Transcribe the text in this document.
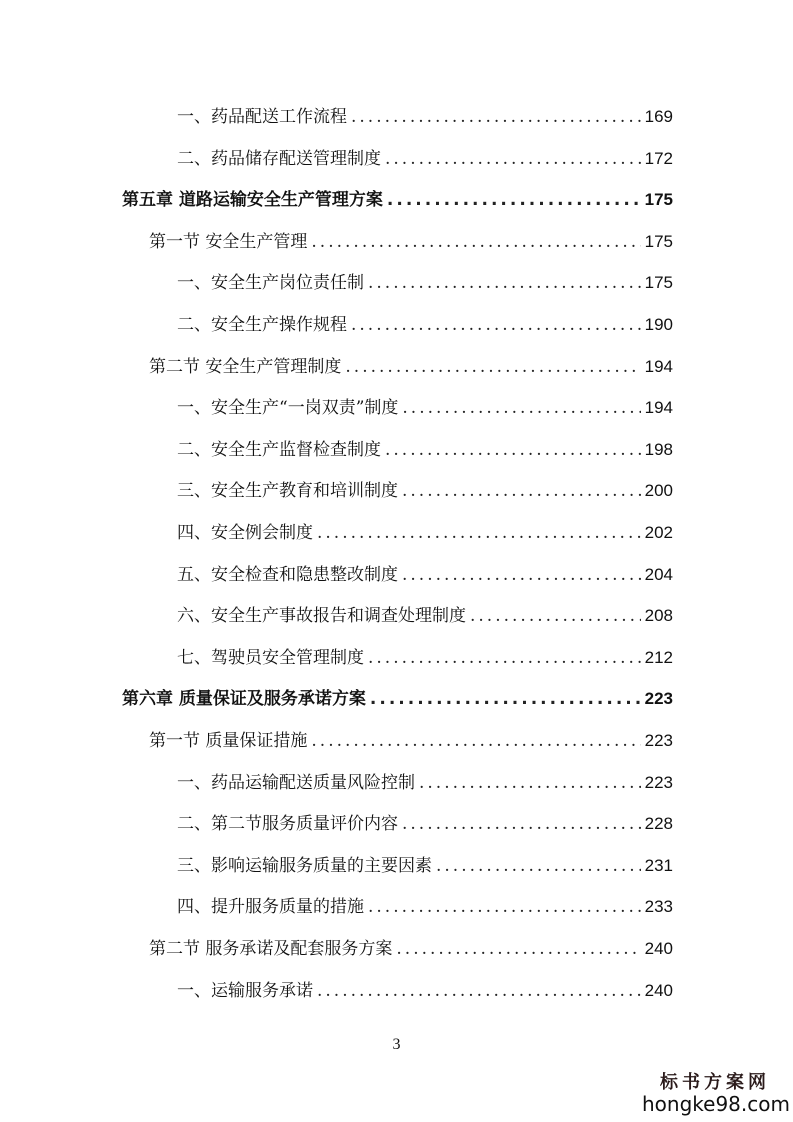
一、药品配送工作流程 .....	169
二、药品储存配送管理制度 .....	172
第五章 道路运输安全生产管理方案 .....	175
第一节 安全生产管理 .....	175
一、安全生产岗位责任制 .....	175
二、安全生产操作规程 .....	190
第二节 安全生产管理制度 .....	194
一、安全生产“一岗双责”制度 .....	194
二、安全生产监督检查制度 .....	198
三、安全生产教育和培训制度 .....	200
四、安全例会制度 .....	202
五、安全检查和隐患整改制度 .....	204
六、安全生产事故报告和调查处理制度 .....	208
七、驾驶员安全管理制度 .....	212
第六章 质量保证及服务承诺方案 .....	223
第一节 质量保证措施 .....	223
一、药品运输配送质量风险控制 .....	223
二、第二节服务质量评价内容 .....	228
三、影响运输服务质量的主要因素 .....	231
四、提升服务质量的措施 .....	233
第二节 服务承诺及配套服务方案 .....	240
一、运输服务承诺 .....	240
3
标书方案网
hongke98.com
